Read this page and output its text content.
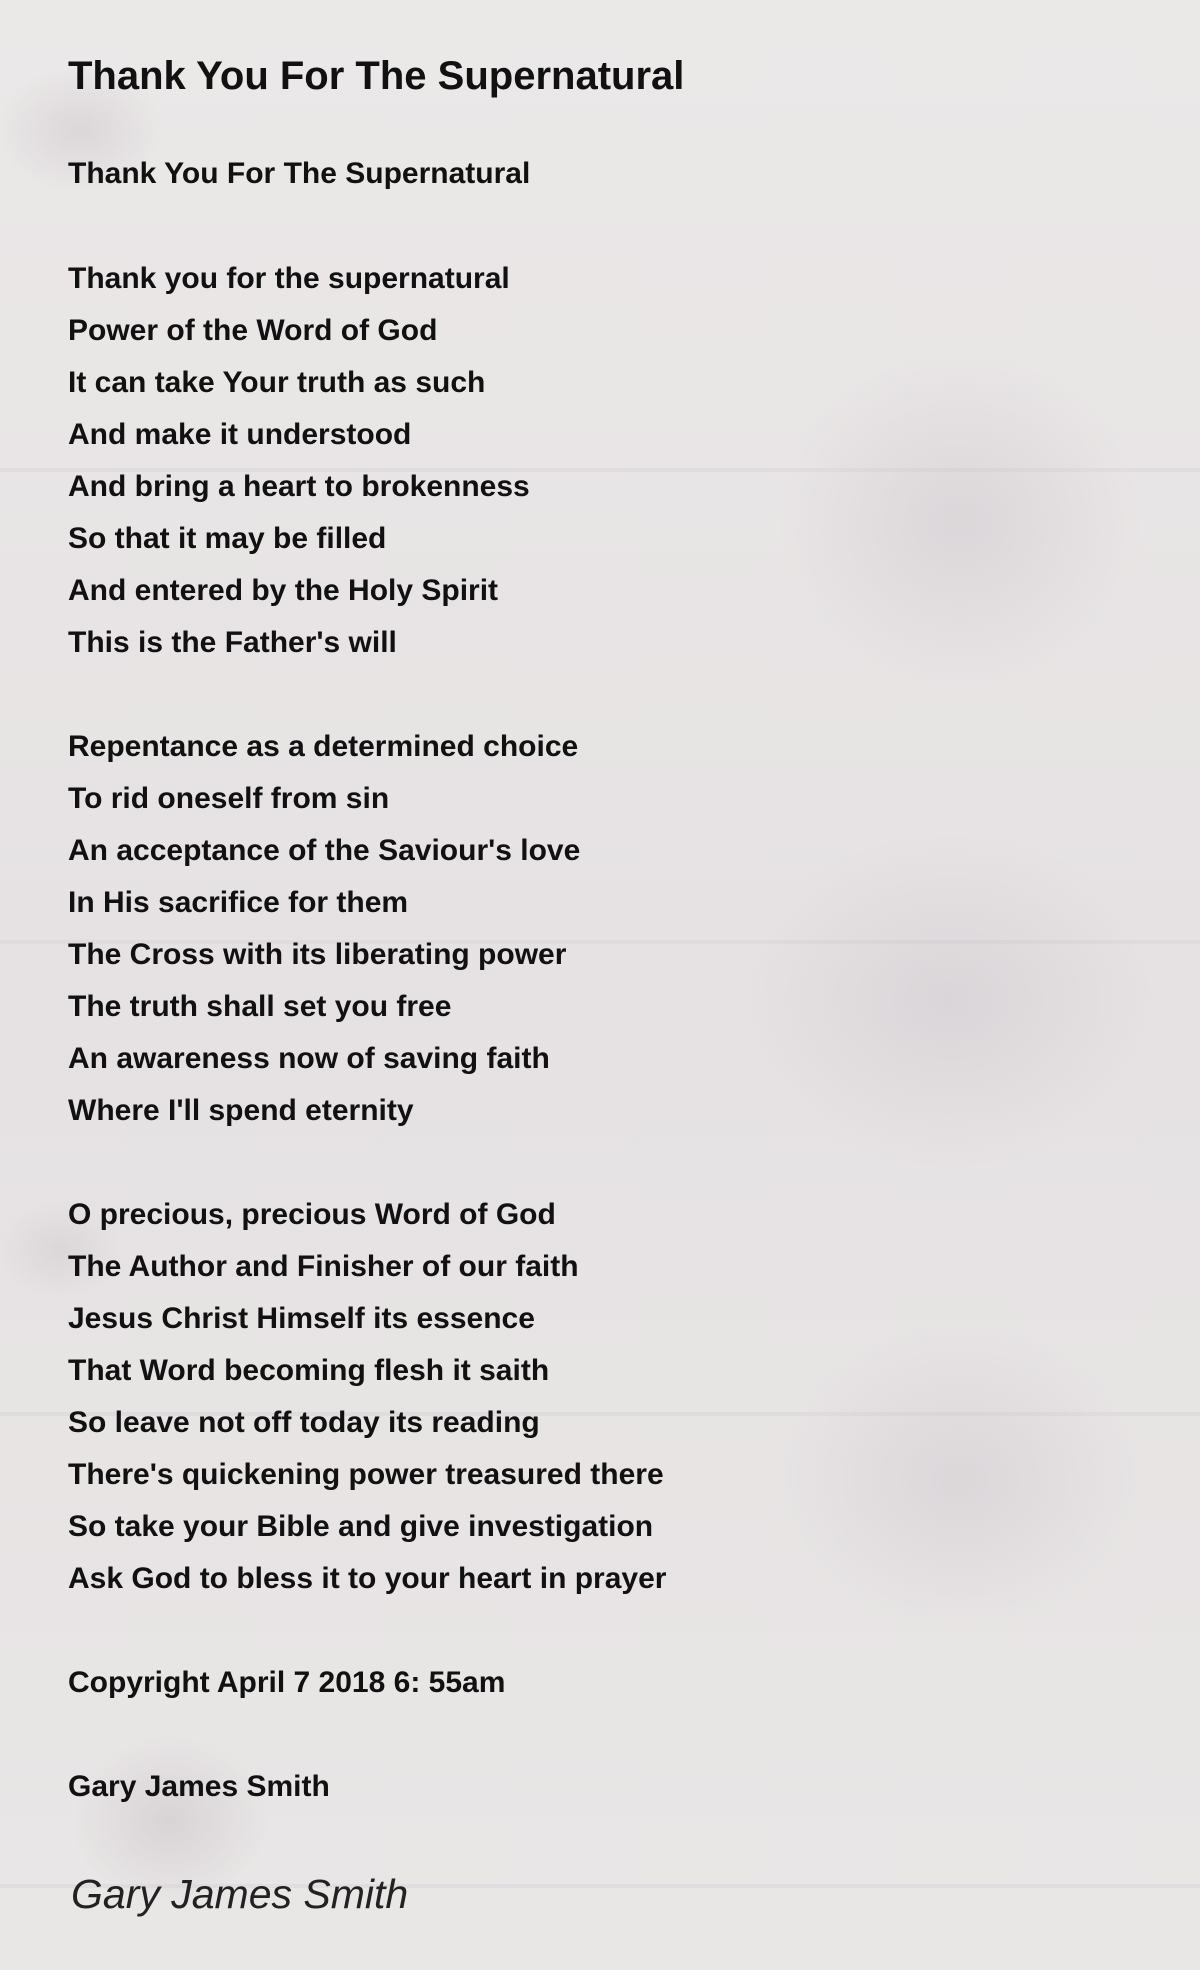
Thank You For The Supernatural
Thank You For The Supernatural
Thank you for the supernatural
Power of the Word of God
It can take Your truth as such
And make it understood
And bring a heart to brokenness
So that it may be filled
And entered by the Holy Spirit
This is the Father's will
Repentance as a determined choice
To rid oneself from sin
An acceptance of the Saviour's love
In His sacrifice for them
The Cross with its liberating power
The truth shall set you free
An awareness now of saving faith
Where I'll spend eternity
O precious, precious Word of God
The Author and Finisher of our faith
Jesus Christ Himself its essence
That Word becoming flesh it saith
So leave not off today its reading
There's quickening power treasured there
So take your Bible and give investigation
Ask God to bless it to your heart in prayer
Copyright April 7 2018 6: 55am
Gary James Smith
Gary James Smith
